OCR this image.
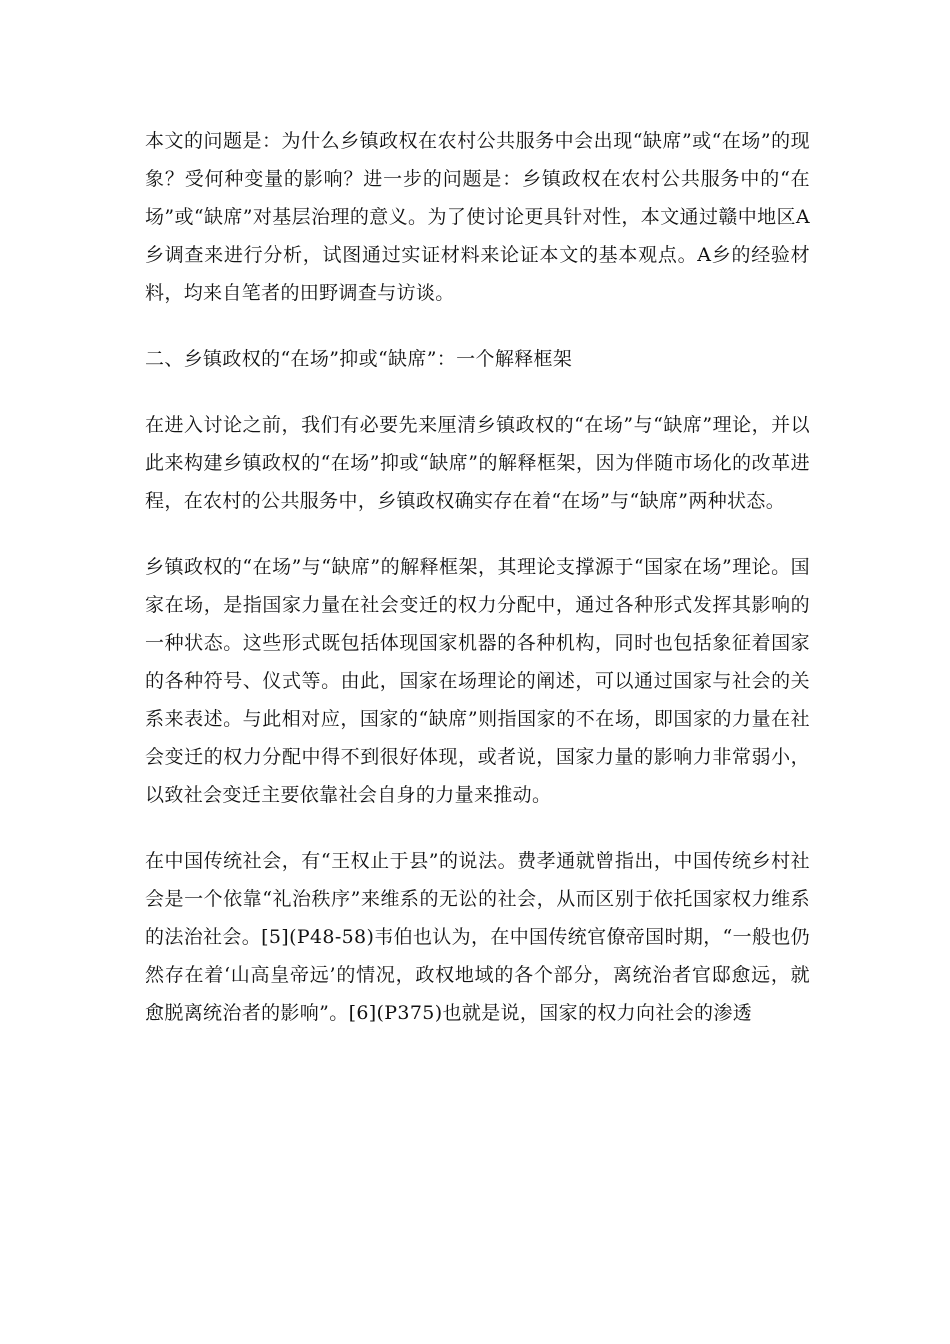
本文的问题是：为什么乡镇政权在农村公共服务中会出现“缺席”或“在场”的现象？受何种变量的影响？进一步的问题是：乡镇政权在农村公共服务中的“在场”或“缺席”对基层治理的意义。为了使讨论更具针对性，本文通过赣中地区A乡调查来进行分析，试图通过实证材料来论证本文的基本观点。A乡的经验材料，均来自笔者的田野调查与访谈。

二、乡镇政权的“在场”抑或“缺席”：一个解释框架

在进入讨论之前，我们有必要先来厘清乡镇政权的“在场”与“缺席”理论，并以此来构建乡镇政权的“在场”抑或“缺席”的解释框架，因为伴随市场化的改革进程，在农村的公共服务中，乡镇政权确实存在着“在场”与“缺席”两种状态。

乡镇政权的“在场”与“缺席”的解释框架，其理论支撑源于“国家在场”理论。国家在场，是指国家力量在社会变迁的权力分配中，通过各种形式发挥其影响的一种状态。这些形式既包括体现国家机器的各种机构，同时也包括象征着国家的各种符号、仪式等。由此，国家在场理论的阐述，可以通过国家与社会的关系来表述。与此相对应，国家的“缺席”则指国家的不在场，即国家的力量在社会变迁的权力分配中得不到很好体现，或者说，国家力量的影响力非常弱小，以致社会变迁主要依靠社会自身的力量来推动。

在中国传统社会，有“王权止于县”的说法。费孝通就曾指出，中国传统乡村社会是一个依靠“礼治秩序”来维系的无讼的社会，从而区别于依托国家权力维系的法治社会。[5](P48-58)韦伯也认为，在中国传统官僚帝国时期，“一般也仍然存在着‘山高皇帝远’的情况，政权地域的各个部分，离统治者官邸愈远，就愈脱离统治者的影响”。[6](P375)也就是说，国家的权力向社会的渗透
